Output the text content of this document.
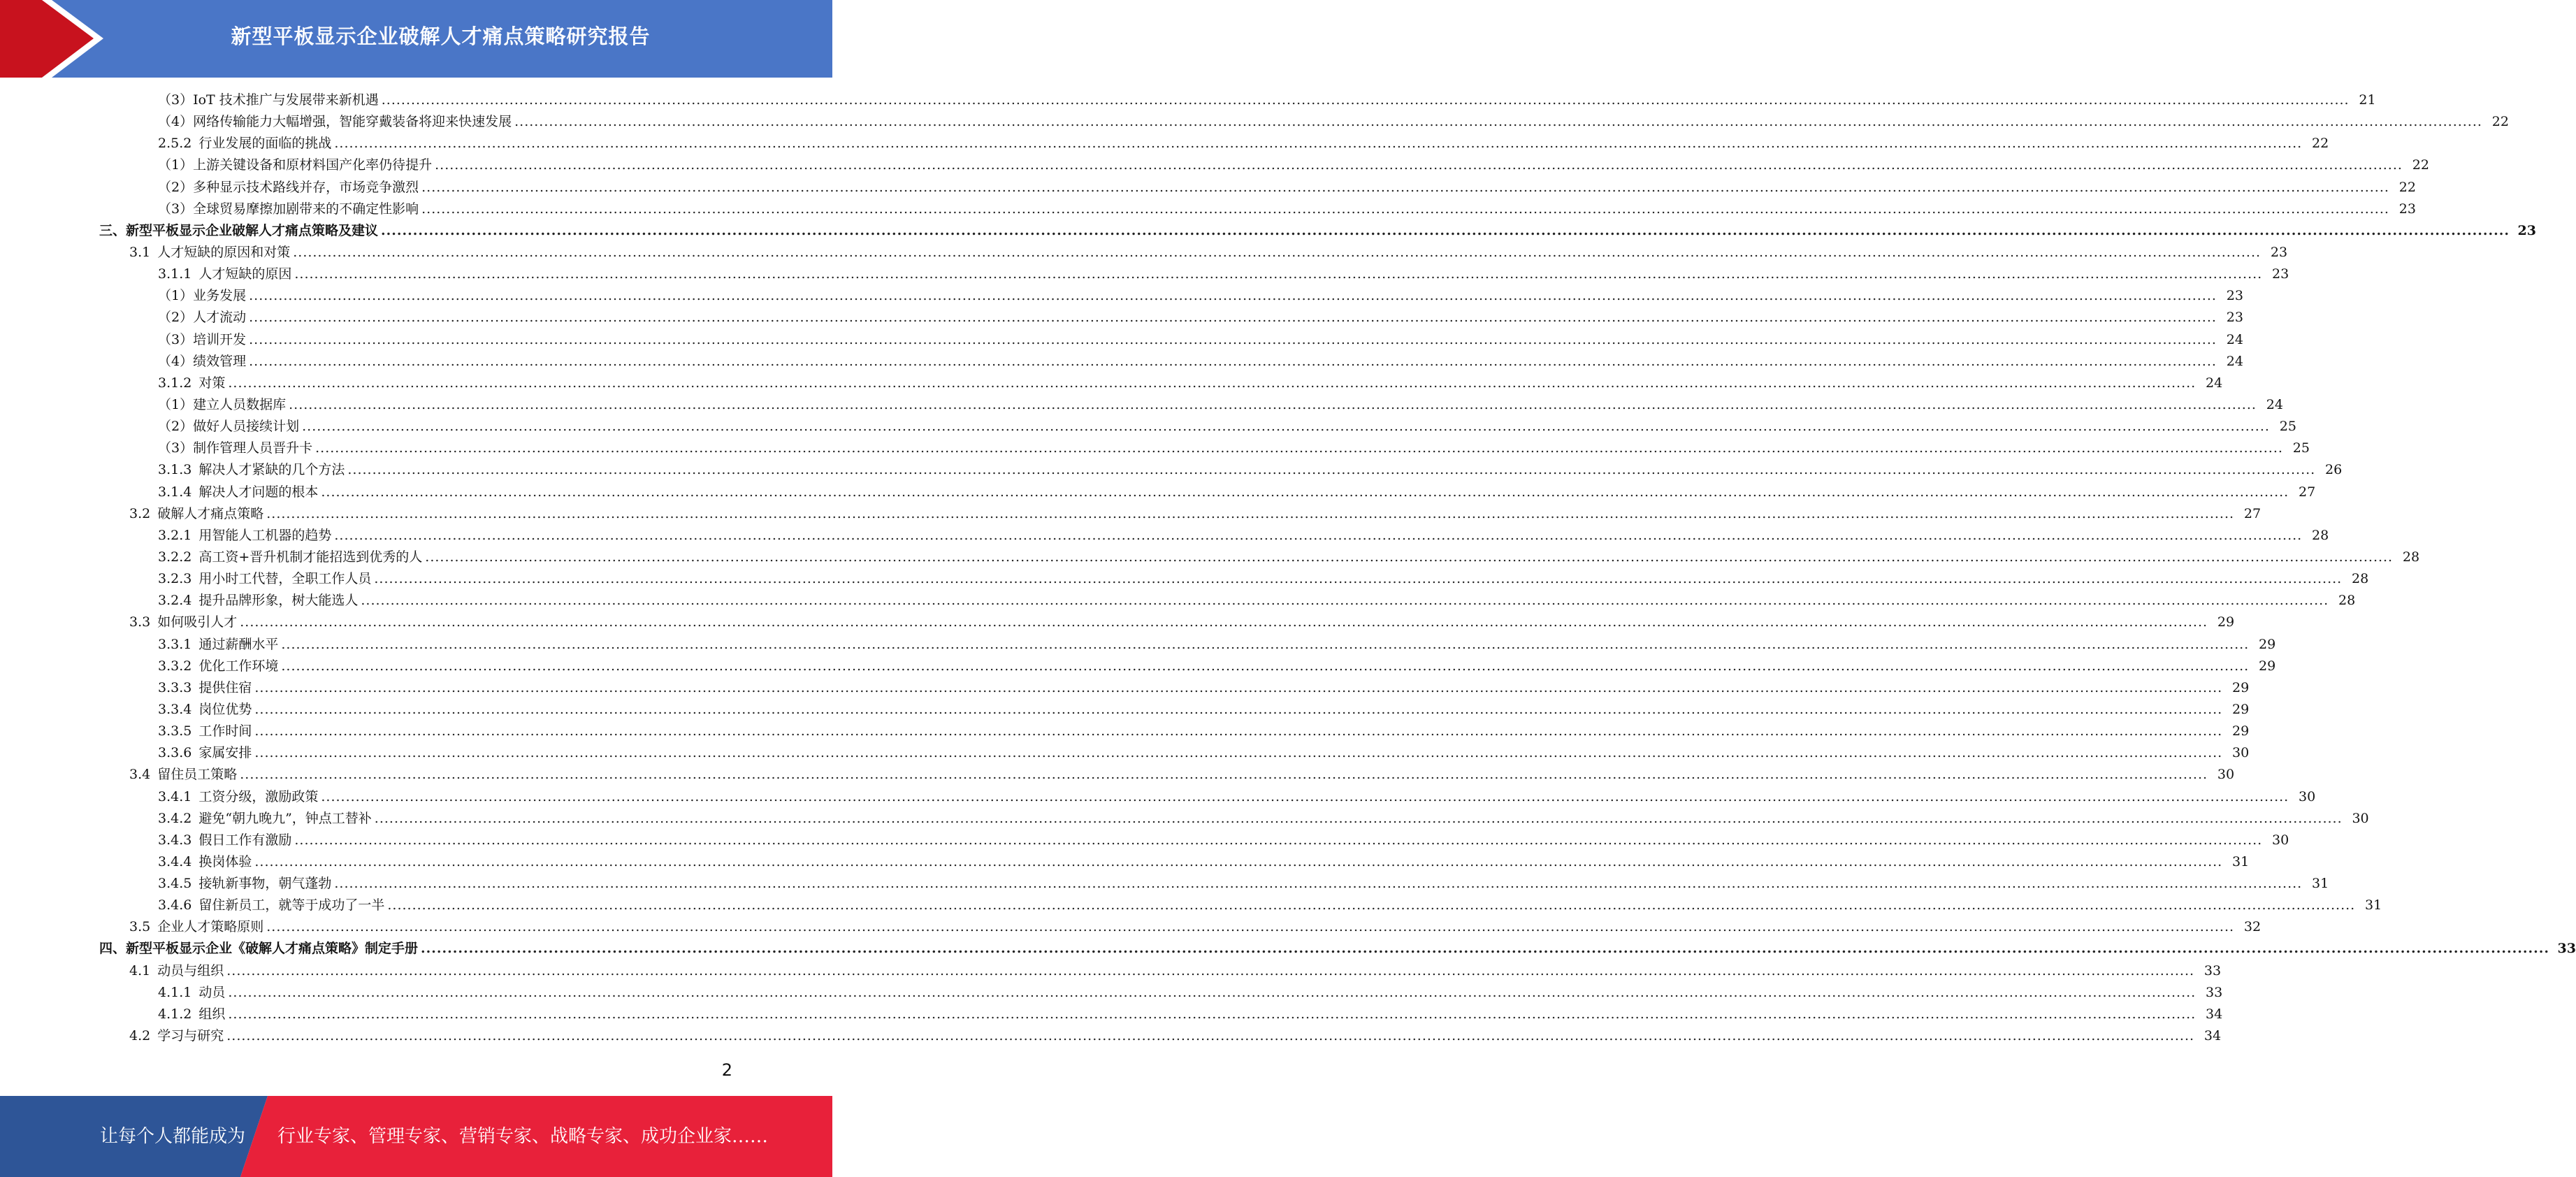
新型平板显示企业破解人才痛点策略研究报告
（3）IoT 技术推广与发展带来新机遇 ................................................................................................................................................................................................................................................................................................................................................................................................................ 21
（4）网络传输能力大幅增强，智能穿戴装备将迎来快速发展 ................................................................................................................................................................................................................................................................................................................................................................................................................ 22
2.5.2 行业发展的面临的挑战 ................................................................................................................................................................................................................................................................................................................................................................................................................ 22
（1）上游关键设备和原材料国产化率仍待提升 ................................................................................................................................................................................................................................................................................................................................................................................................................ 22
（2）多种显示技术路线并存，市场竞争激烈 ................................................................................................................................................................................................................................................................................................................................................................................................................ 22
（3）全球贸易摩擦加剧带来的不确定性影响 ................................................................................................................................................................................................................................................................................................................................................................................................................ 23
三、新型平板显示企业破解人才痛点策略及建议 ................................................................................................................................................................................................................................................................................................................................................................................................................ 23
3.1 人才短缺的原因和对策 ................................................................................................................................................................................................................................................................................................................................................................................................................ 23
3.1.1 人才短缺的原因 ................................................................................................................................................................................................................................................................................................................................................................................................................ 23
（1）业务发展 ................................................................................................................................................................................................................................................................................................................................................................................................................ 23
（2）人才流动 ................................................................................................................................................................................................................................................................................................................................................................................................................ 23
（3）培训开发 ................................................................................................................................................................................................................................................................................................................................................................................................................ 24
（4）绩效管理 ................................................................................................................................................................................................................................................................................................................................................................................................................ 24
3.1.2 对策 ................................................................................................................................................................................................................................................................................................................................................................................................................ 24
（1）建立人员数据库 ................................................................................................................................................................................................................................................................................................................................................................................................................ 24
（2）做好人员接续计划 ................................................................................................................................................................................................................................................................................................................................................................................................................ 25
（3）制作管理人员晋升卡 ................................................................................................................................................................................................................................................................................................................................................................................................................ 25
3.1.3 解决人才紧缺的几个方法 ................................................................................................................................................................................................................................................................................................................................................................................................................ 26
3.1.4 解决人才问题的根本 ................................................................................................................................................................................................................................................................................................................................................................................................................ 27
3.2 破解人才痛点策略 ................................................................................................................................................................................................................................................................................................................................................................................................................ 27
3.2.1 用智能人工机器的趋势 ................................................................................................................................................................................................................................................................................................................................................................................................................ 28
3.2.2 高工资+晋升机制才能招选到优秀的人 ................................................................................................................................................................................................................................................................................................................................................................................................................ 28
3.2.3 用小时工代替，全职工作人员 ................................................................................................................................................................................................................................................................................................................................................................................................................ 28
3.2.4 提升品牌形象，树大能选人 ................................................................................................................................................................................................................................................................................................................................................................................................................ 28
3.3 如何吸引人才 ................................................................................................................................................................................................................................................................................................................................................................................................................ 29
3.3.1 通过薪酬水平 ................................................................................................................................................................................................................................................................................................................................................................................................................ 29
3.3.2 优化工作环境 ................................................................................................................................................................................................................................................................................................................................................................................................................ 29
3.3.3 提供住宿 ................................................................................................................................................................................................................................................................................................................................................................................................................ 29
3.3.4 岗位优势 ................................................................................................................................................................................................................................................................................................................................................................................................................ 29
3.3.5 工作时间 ................................................................................................................................................................................................................................................................................................................................................................................................................ 29
3.3.6 家属安排 ................................................................................................................................................................................................................................................................................................................................................................................................................ 30
3.4 留住员工策略 ................................................................................................................................................................................................................................................................................................................................................................................................................ 30
3.4.1 工资分级，激励政策 ................................................................................................................................................................................................................................................................................................................................................................................................................ 30
3.4.2 避免“朝九晚九”，钟点工替补 ................................................................................................................................................................................................................................................................................................................................................................................................................ 30
3.4.3 假日工作有激励 ................................................................................................................................................................................................................................................................................................................................................................................................................ 30
3.4.4 换岗体验 ................................................................................................................................................................................................................................................................................................................................................................................................................ 31
3.4.5 接轨新事物，朝气蓬勃 ................................................................................................................................................................................................................................................................................................................................................................................................................ 31
3.4.6 留住新员工，就等于成功了一半 ................................................................................................................................................................................................................................................................................................................................................................................................................ 31
3.5 企业人才策略原则 ................................................................................................................................................................................................................................................................................................................................................................................................................ 32
四、新型平板显示企业《破解人才痛点策略》制定手册 ................................................................................................................................................................................................................................................................................................................................................................................................................ 33
4.1 动员与组织 ................................................................................................................................................................................................................................................................................................................................................................................................................ 33
4.1.1 动员 ................................................................................................................................................................................................................................................................................................................................................................................................................ 33
4.1.2 组织 ................................................................................................................................................................................................................................................................................................................................................................................................................ 34
4.2 学习与研究 ................................................................................................................................................................................................................................................................................................................................................................................................................ 34
2
让每个人都能成为 行业专家、管理专家、营销专家、战略专家、成功企业家……
